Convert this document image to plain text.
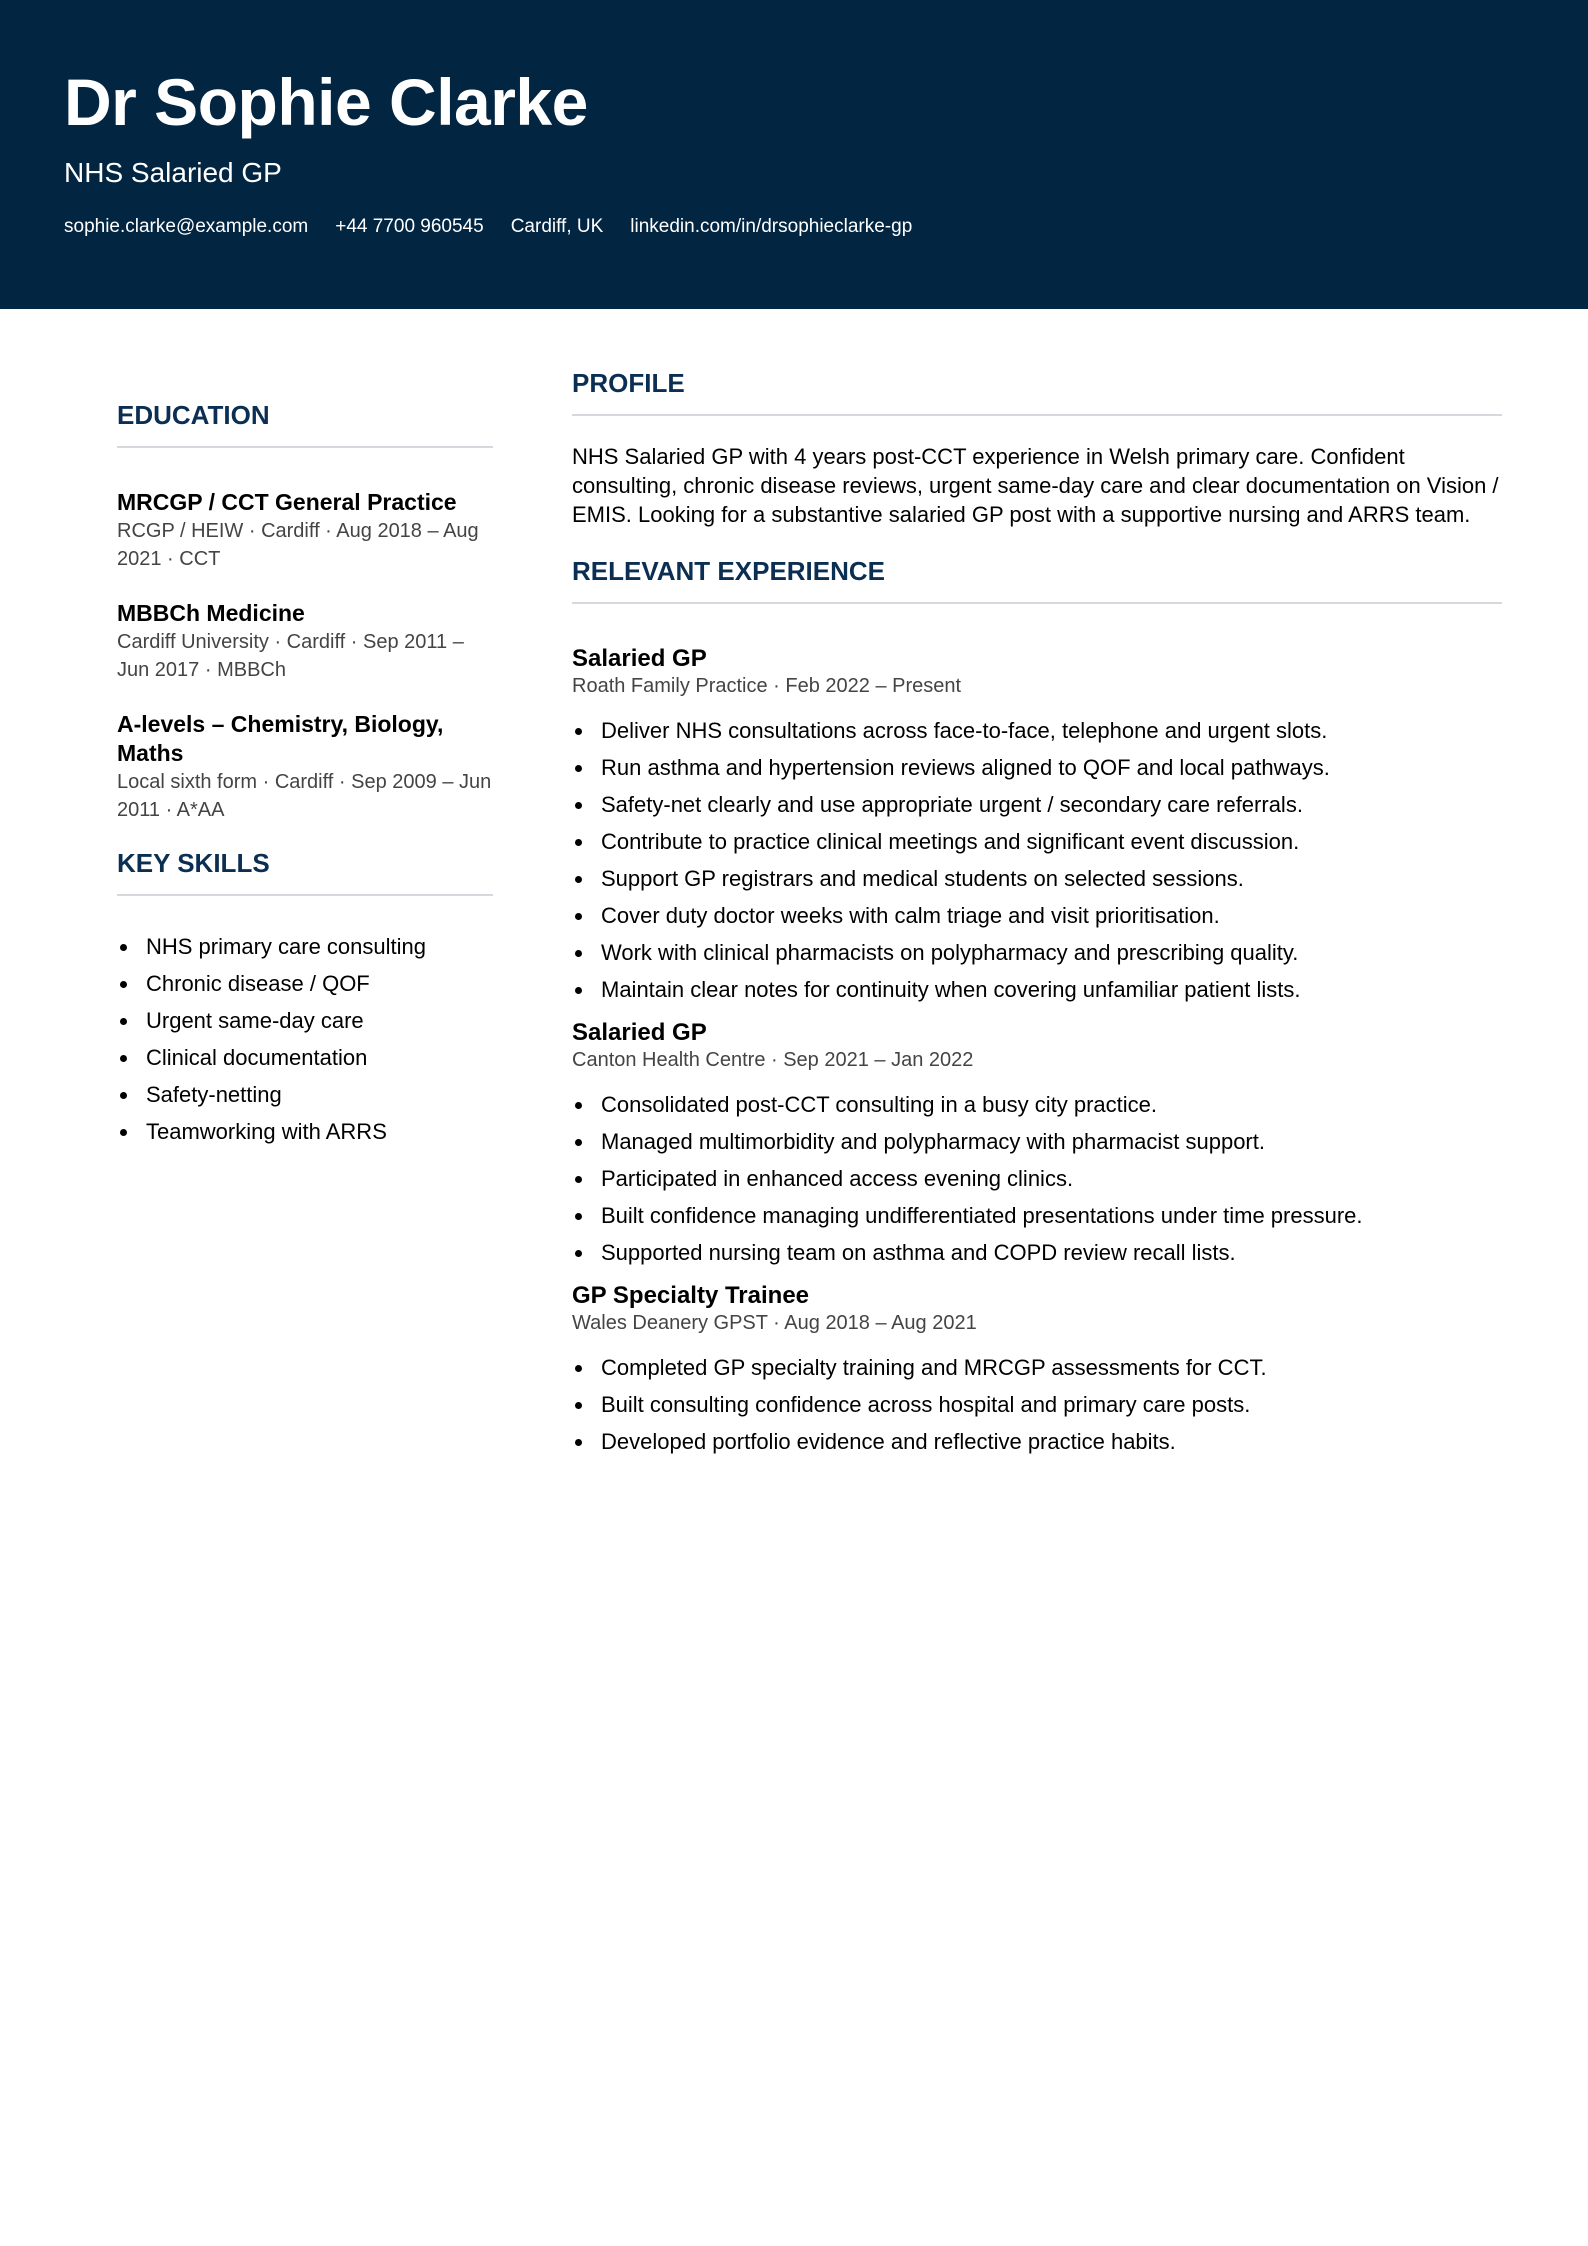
Dr Sophie Clarke
NHS Salaried GP
sophie.clarke@example.com +44 7700 960545 Cardiff, UK linkedin.com/in/drsophieclarke-gp
EDUCATION
MRCGP / CCT General Practice
RCGP / HEIW · Cardiff · Aug 2018 – Aug 2021 · CCT
MBBCh Medicine
Cardiff University · Cardiff · Sep 2011 – Jun 2017 · MBBCh
A-levels – Chemistry, Biology, Maths
Local sixth form · Cardiff · Sep 2009 – Jun 2011 · A*AA
KEY SKILLS
NHS primary care consulting
Chronic disease / QOF
Urgent same-day care
Clinical documentation
Safety-netting
Teamworking with ARRS
PROFILE

NHS Salaried GP with 4 years post-CCT experience in Welsh primary care. Confident consulting, chronic disease reviews, urgent same-day care and clear documentation on Vision / EMIS. Looking for a substantive salaried GP post with a supportive nursing and ARRS team.

RELEVANT EXPERIENCE
Salaried GP
Roath Family Practice · Feb 2022 – Present
Deliver NHS consultations across face-to-face, telephone and urgent slots.
Run asthma and hypertension reviews aligned to QOF and local pathways.
Safety-net clearly and use appropriate urgent / secondary care referrals.
Contribute to practice clinical meetings and significant event discussion.
Support GP registrars and medical students on selected sessions.
Cover duty doctor weeks with calm triage and visit prioritisation.
Work with clinical pharmacists on polypharmacy and prescribing quality.
Maintain clear notes for continuity when covering unfamiliar patient lists.
Salaried GP
Canton Health Centre · Sep 2021 – Jan 2022
Consolidated post-CCT consulting in a busy city practice.
Managed multimorbidity and polypharmacy with pharmacist support.
Participated in enhanced access evening clinics.
Built confidence managing undifferentiated presentations under time pressure.
Supported nursing team on asthma and COPD review recall lists.
GP Specialty Trainee
Wales Deanery GPST · Aug 2018 – Aug 2021
Completed GP specialty training and MRCGP assessments for CCT.
Built consulting confidence across hospital and primary care posts.
Developed portfolio evidence and reflective practice habits.
